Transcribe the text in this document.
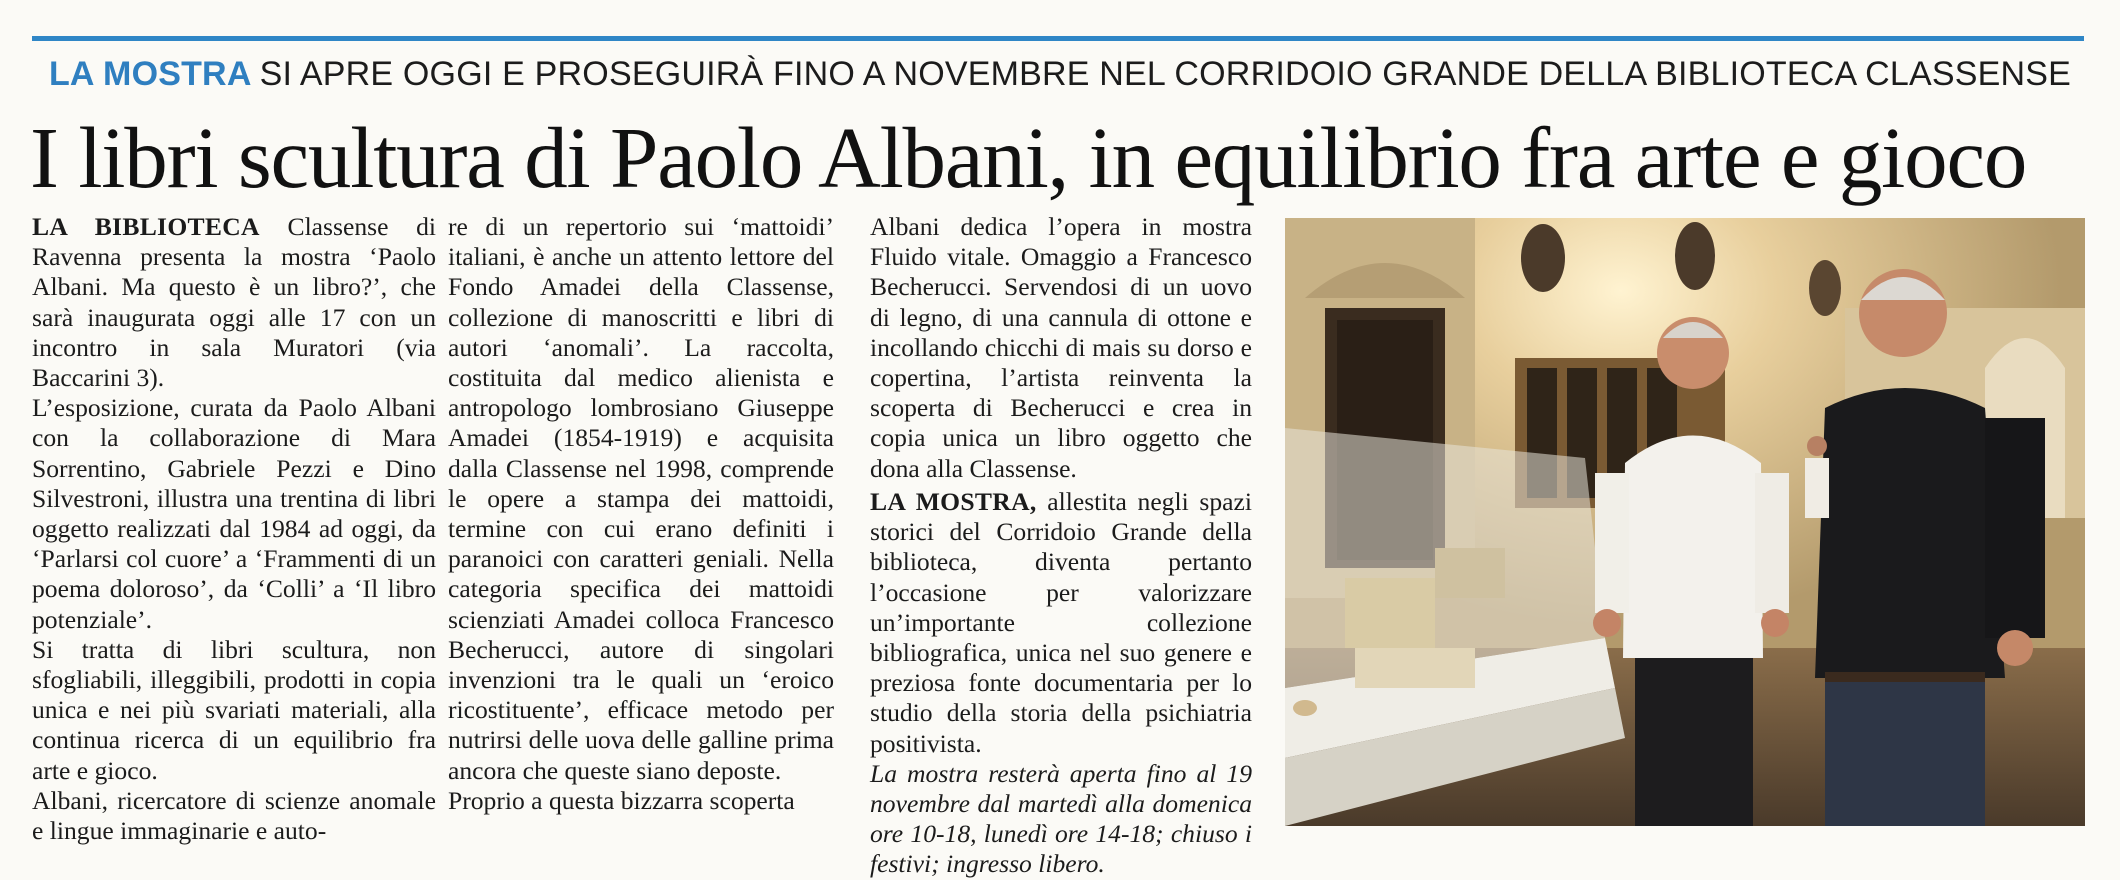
LA MOSTRA SI APRE OGGI E PROSEGUIRÀ FINO A NOVEMBRE NEL CORRIDOIO GRANDE DELLA BIBLIOTECA CLASSENSE
I libri scultura di Paolo Albani, in equilibrio fra arte e gioco

LA BIBLIOTECA Classense di Ravenna presenta la mostra ‘Paolo Albani. Ma questo è un libro?’, che sarà inaugurata oggi alle 17 con un incontro in sala Muratori (via Baccarini 3).

L’esposizione, curata da Paolo Albani con la collaborazione di Mara Sorrentino, Gabriele Pezzi e Dino Silvestroni, illustra una trentina di libri oggetto realizzati dal 1984 ad oggi, da ‘Parlarsi col cuore’ a ‘Frammenti di un poema doloroso’, da ‘Colli’ a ‘Il libro potenziale’.

Si tratta di libri scultura, non sfogliabili, illeggibili, prodotti in copia unica e nei più svariati materiali, alla continua ricerca di un equilibrio fra arte e gioco.

Albani, ricercatore di scienze anomale e lingue immaginarie e auto-

re di un repertorio sui ‘mattoidi’ italiani, è anche un attento lettore del Fondo Amadei della Classense, collezione di manoscritti e libri di autori ‘anomali’. La raccolta, costituita dal medico alienista e antropologo lombrosiano Giuseppe Amadei (1854-1919) e acquisita dalla Classense nel 1998, comprende le opere a stampa dei mattoidi, termine con cui erano definiti i paranoici con caratteri geniali. Nella categoria specifica dei mattoidi scienziati Amadei colloca Francesco Becherucci, autore di singolari invenzioni tra le quali un ‘eroico ricostituente’, efficace metodo per nutrirsi delle uova delle galline prima ancora che queste siano deposte.

Proprio a questa bizzarra scoperta

Albani dedica l’opera in mostra Fluido vitale. Omaggio a Francesco Becherucci. Servendosi di un uovo di legno, di una cannula di ottone e incollando chicchi di mais su dorso e copertina, l’artista reinventa la scoperta di Becherucci e crea in copia unica un libro oggetto che dona alla Classense.

LA MOSTRA, allestita negli spazi storici del Corridoio Grande della biblioteca, diventa pertanto l’occasione per valorizzare un’importante collezione bibliografica, unica nel suo genere e preziosa fonte documentaria per lo studio della storia della psichiatria positivista.

La mostra resterà aperta fino al 19 novembre dal martedì alla domenica ore 10-18, lunedì ore 14-18; chiuso i festivi; ingresso libero.
